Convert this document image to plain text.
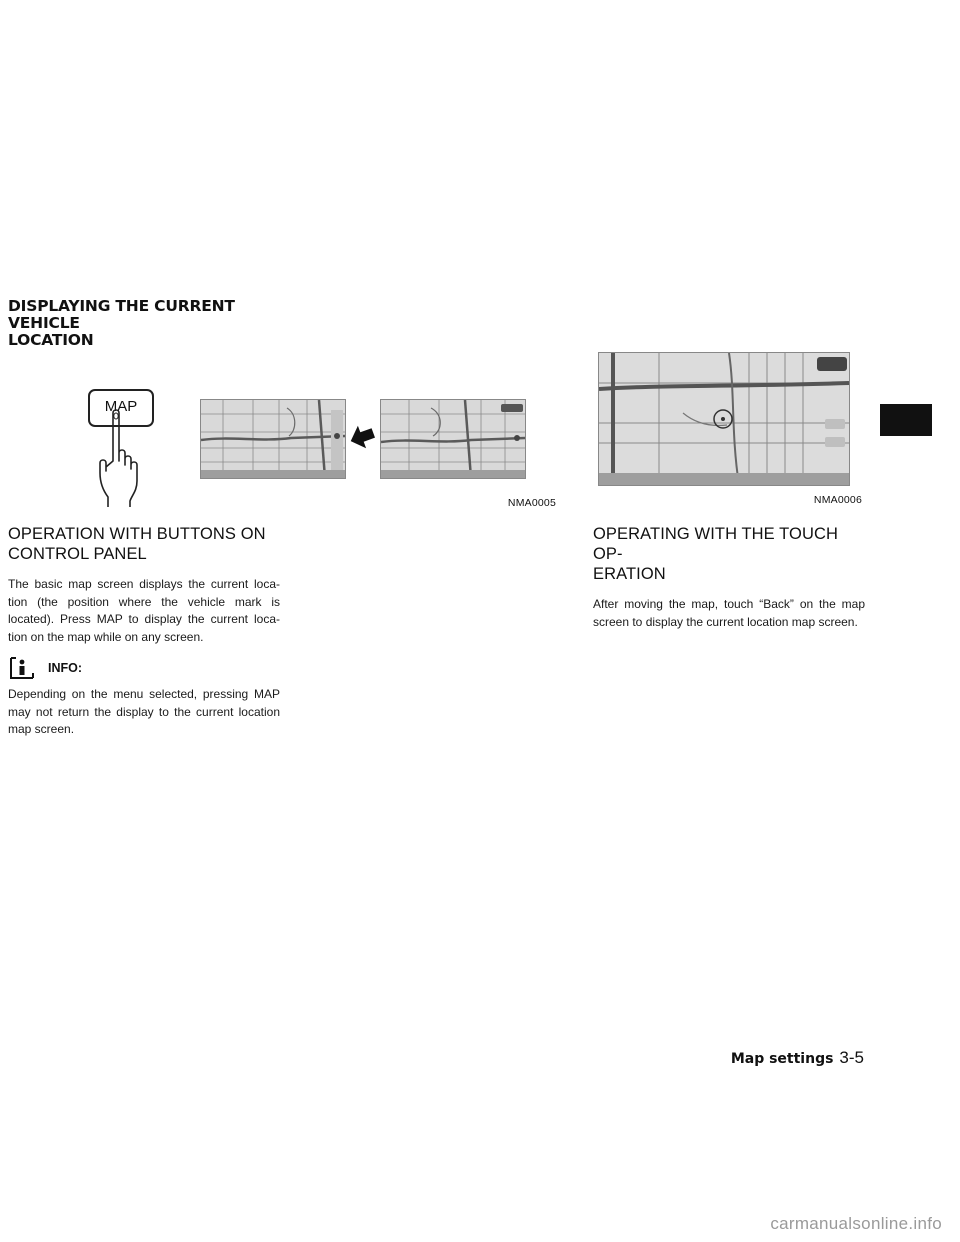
DISPLAYING THE CURRENT VEHICLE
LOCATION
MAP
NMA0005	NMA0006
OPERATION WITH BUTTONS ON
CONTROL PANEL

The basic map screen displays the current loca-tion (the position where the vehicle mark is located). Press MAP to display the current loca-tion on the map while on any screen.

INFO:

Depending on the menu selected, pressing MAP may not return the display to the current location map screen.

OPERATING WITH THE TOUCH OP-
ERATION

After moving the map, touch “Back” on the map screen to display the current location map screen.

Map settings 3-5
carmanualsonline.info
